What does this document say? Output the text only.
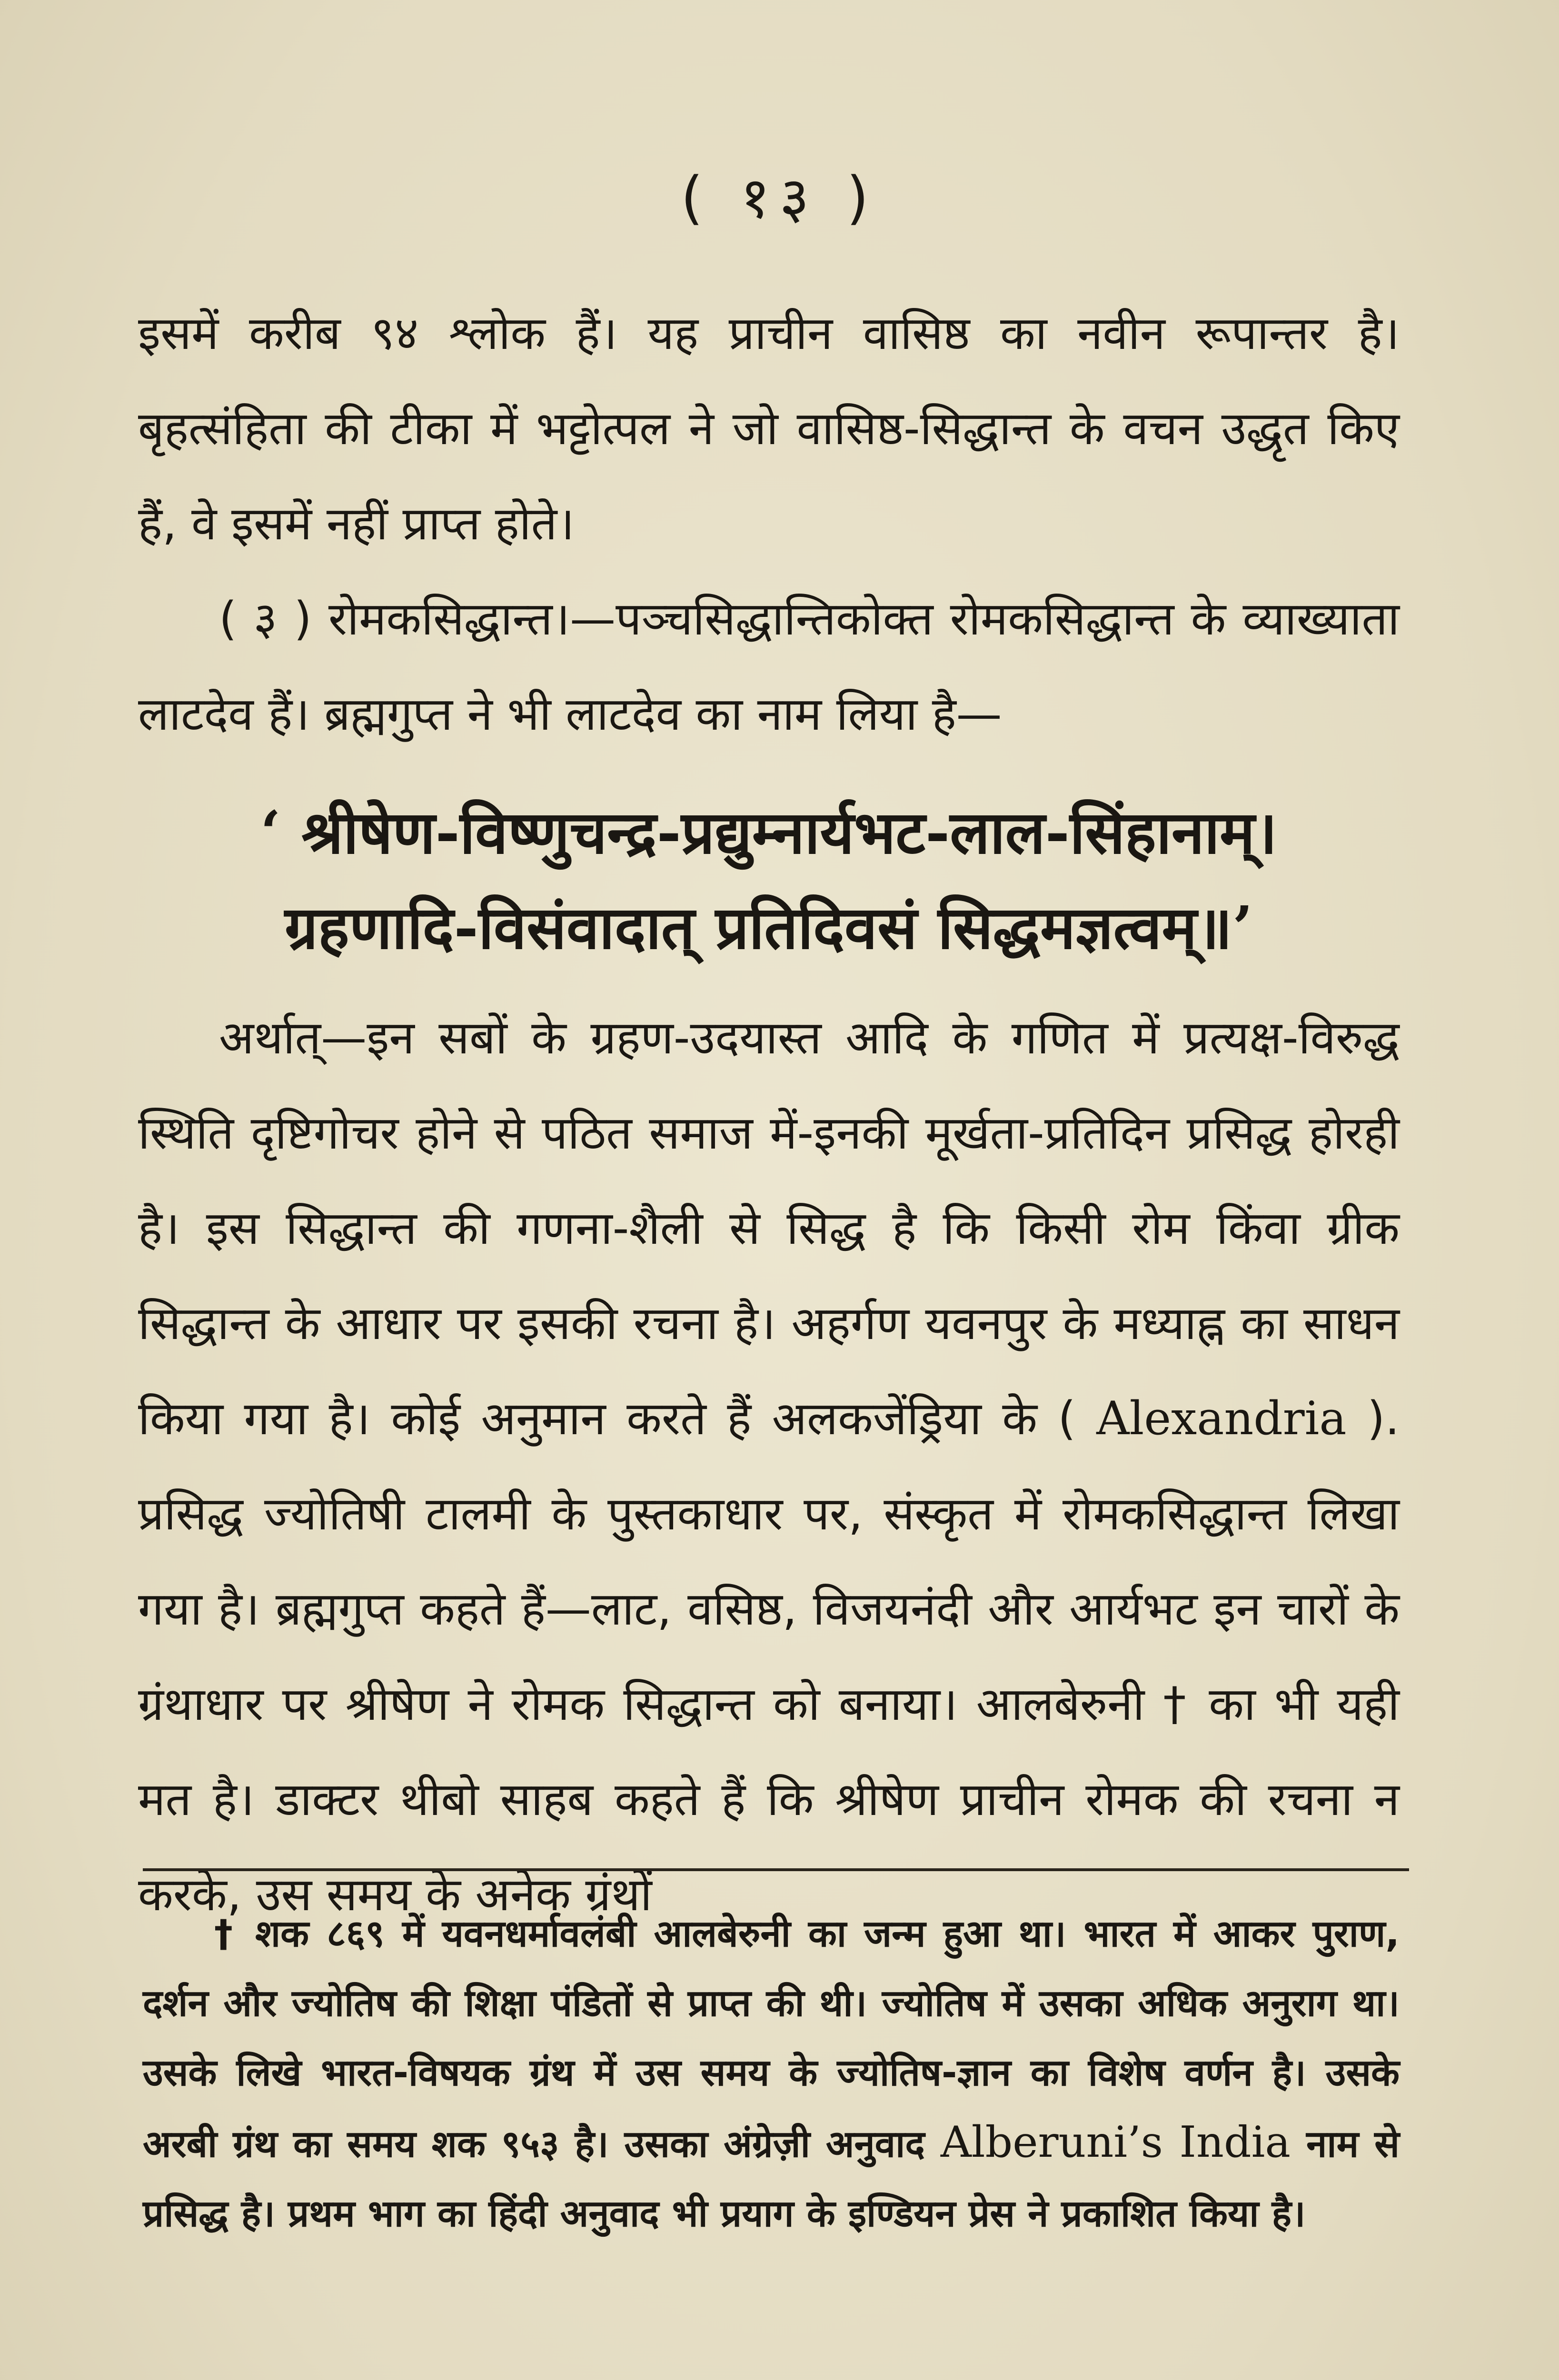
( १३ )

इसमें करीब ९४ श्लोक हैं। यह प्राचीन वासिष्ठ का नवीन रूपान्तर है। बृहत्संहिता की टीका में भट्टोत्पल ने जो वासिष्ठ-सिद्धान्त के वचन उद्धृत किए हैं, वे इसमें नहीं प्राप्त होते।

( ३ ) रोमकसिद्धान्त।—पञ्चसिद्धान्तिकोक्त रोमकसिद्धान्त के व्याख्याता लाटदेव हैं। ब्रह्मगुप्त ने भी लाटदेव का नाम लिया है—

‘ श्रीषेण-विष्णुचन्द्र-प्रद्युम्नार्यभट-लाल-सिंहानाम्।
ग्रहणादि-विसंवादात् प्रतिदिवसं सिद्धमज्ञत्वम्॥’

अर्थात्—इन सबों के ग्रहण-उदयास्त आदि के गणित में प्रत्यक्ष-विरुद्ध स्थिति दृष्टिगोचर होने से पठित समाज में-इनकी मूर्खता-प्रतिदिन प्रसिद्ध होरही है। इस सिद्धान्त की गणना-शैली से सिद्ध है कि किसी रोम किंवा ग्रीक सिद्धान्त के आधार पर इसकी रचना है। अहर्गण यवनपुर के मध्याह्न का साधन किया गया है। कोई अनुमान करते हैं अलकजेंड्रिया के ( Alexandria ). प्रसिद्ध ज्योतिषी टालमी के पुस्तकाधार पर, संस्कृत में रोमकसिद्धान्त लिखा गया है। ब्रह्मगुप्त कहते हैं—लाट, वसिष्ठ, विजयनंदी और आर्यभट इन चारों के ग्रंथाधार पर श्रीषेण ने रोमक सिद्धान्त को बनाया। आलबेरुनी † का भी यही मत है। डाक्टर थीबो साहब कहते हैं कि श्रीषेण प्राचीन रोमक की रचना न करके, उस समय के अनेक ग्रंथों

† शक ८६९ में यवनधर्मावलंबी आलबेरुनी का जन्म हुआ था। भारत में आकर पुराण, दर्शन और ज्योतिष की शिक्षा पंडितों से प्राप्त की थी। ज्योतिष में उसका अधिक अनुराग था। उसके लिखे भारत-विषयक ग्रंथ में उस समय के ज्योतिष-ज्ञान का विशेष वर्णन है। उसके अरबी ग्रंथ का समय शक ९५३ है। उसका अंग्रेज़ी अनुवाद Alberuni’s India नाम से प्रसिद्ध है। प्रथम भाग का हिंदी अनुवाद भी प्रयाग के इण्डियन प्रेस ने प्रकाशित किया है।
